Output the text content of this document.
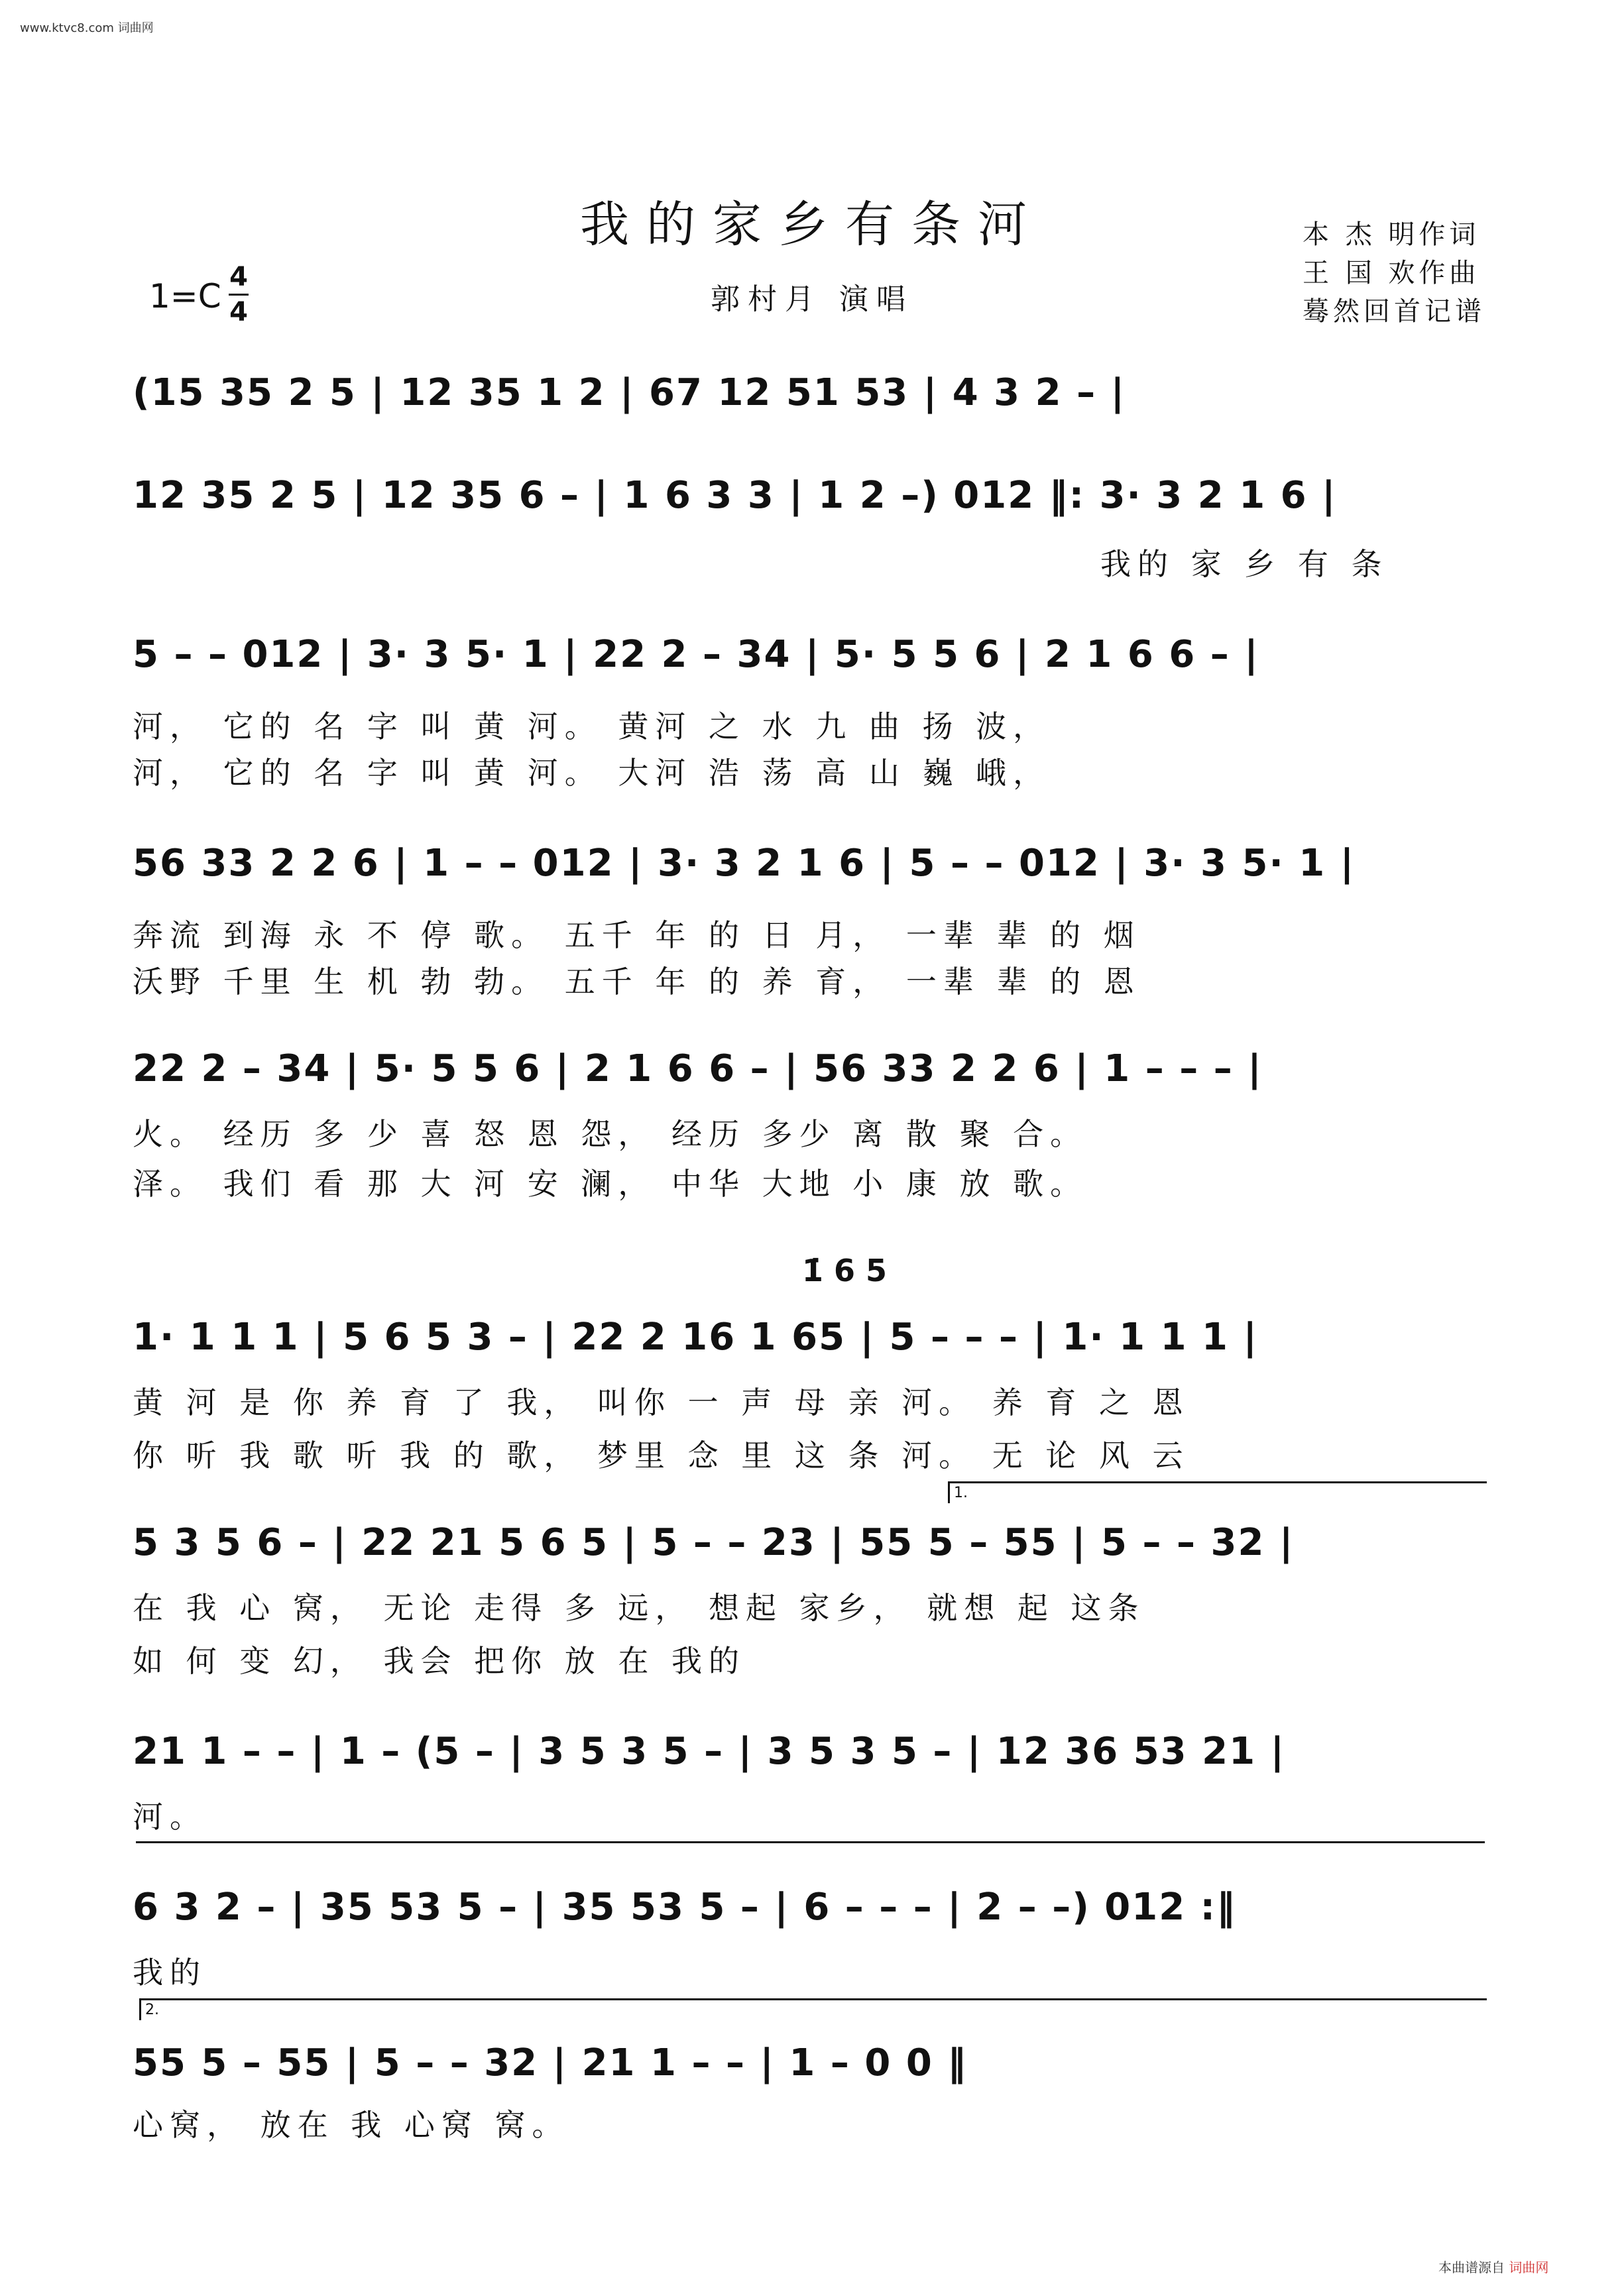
www.ktvc8.com 词曲网
我的家乡有条河
郭村月 演唱
本 杰 明作词
王 国 欢作曲
蓦然回首记谱
1=C 4
4
(15 35 2 5 | 12 35 1 2 | 67 12 51 53 | 4 3 2 – |
12 35 2 5 | 12 35 6 – | 1 6 3 3 | 1 2 –) 012 ‖: 3· 3 2 1 6 |
我的 家 乡 有 条
5 – – 012 | 3· 3 5· 1 | 22 2 – 34 | 5· 5 5 6 | 2 1 6 6 – |
河， 它的 名 字 叫 黄 河。 黄河 之 水 九 曲 扬 波，
河， 它的 名 字 叫 黄 河。 大河 浩 荡 高 山 巍 峨，
56 33 2 2 6 | 1 – – 012 | 3· 3 2 1 6 | 5 – – 012 | 3· 3 5· 1 |
奔流 到海 永 不 停 歌。 五千 年 的 日 月， 一辈 辈 的 烟
沃野 千里 生 机 勃 勃。 五千 年 的 养 育， 一辈 辈 的 恩
22 2 – 34 | 5· 5 5 6 | 2 1 6 6 – | 56 33 2 2 6 | 1 – – – |
火。 经历 多 少 喜 怒 恩 怨， 经历 多少 离 散 聚 合。
泽。 我们 看 那 大 河 安 澜， 中华 大地 小 康 放 歌。
1̇ 6 5
1· 1 1 1 | 5 6 5 3 – | 22 2 16 1 65 | 5 – – – | 1· 1 1 1 |
黄 河 是 你 养 育 了 我， 叫你 一 声 母 亲 河。 养 育 之 恩
你 听 我 歌 听 我 的 歌， 梦里 念 里 这 条 河。 无 论 风 云
1.
5 3 5 6 – | 22 21 5 6 5 | 5 – – 23 | 55 5 – 55 | 5 – – 32 |
在 我 心 窝， 无论 走得 多 远， 想起 家乡， 就想 起 这条
如 何 变 幻， 我会 把你 放 在 我的
21 1 – – | 1 – (5 – | 3 5 3 5 – | 3 5 3 5 – | 12 36 53 21 |
河。
6 3 2 – | 35 53 5 – | 35 53 5 – | 6 – – – | 2 – –) 012 :‖
我的
2.
55 5 – 55 | 5 – – 32 | 21 1 – – | 1 – 0 0 ‖
心窝， 放在 我 心窝 窝。
本曲谱源自 词曲网
